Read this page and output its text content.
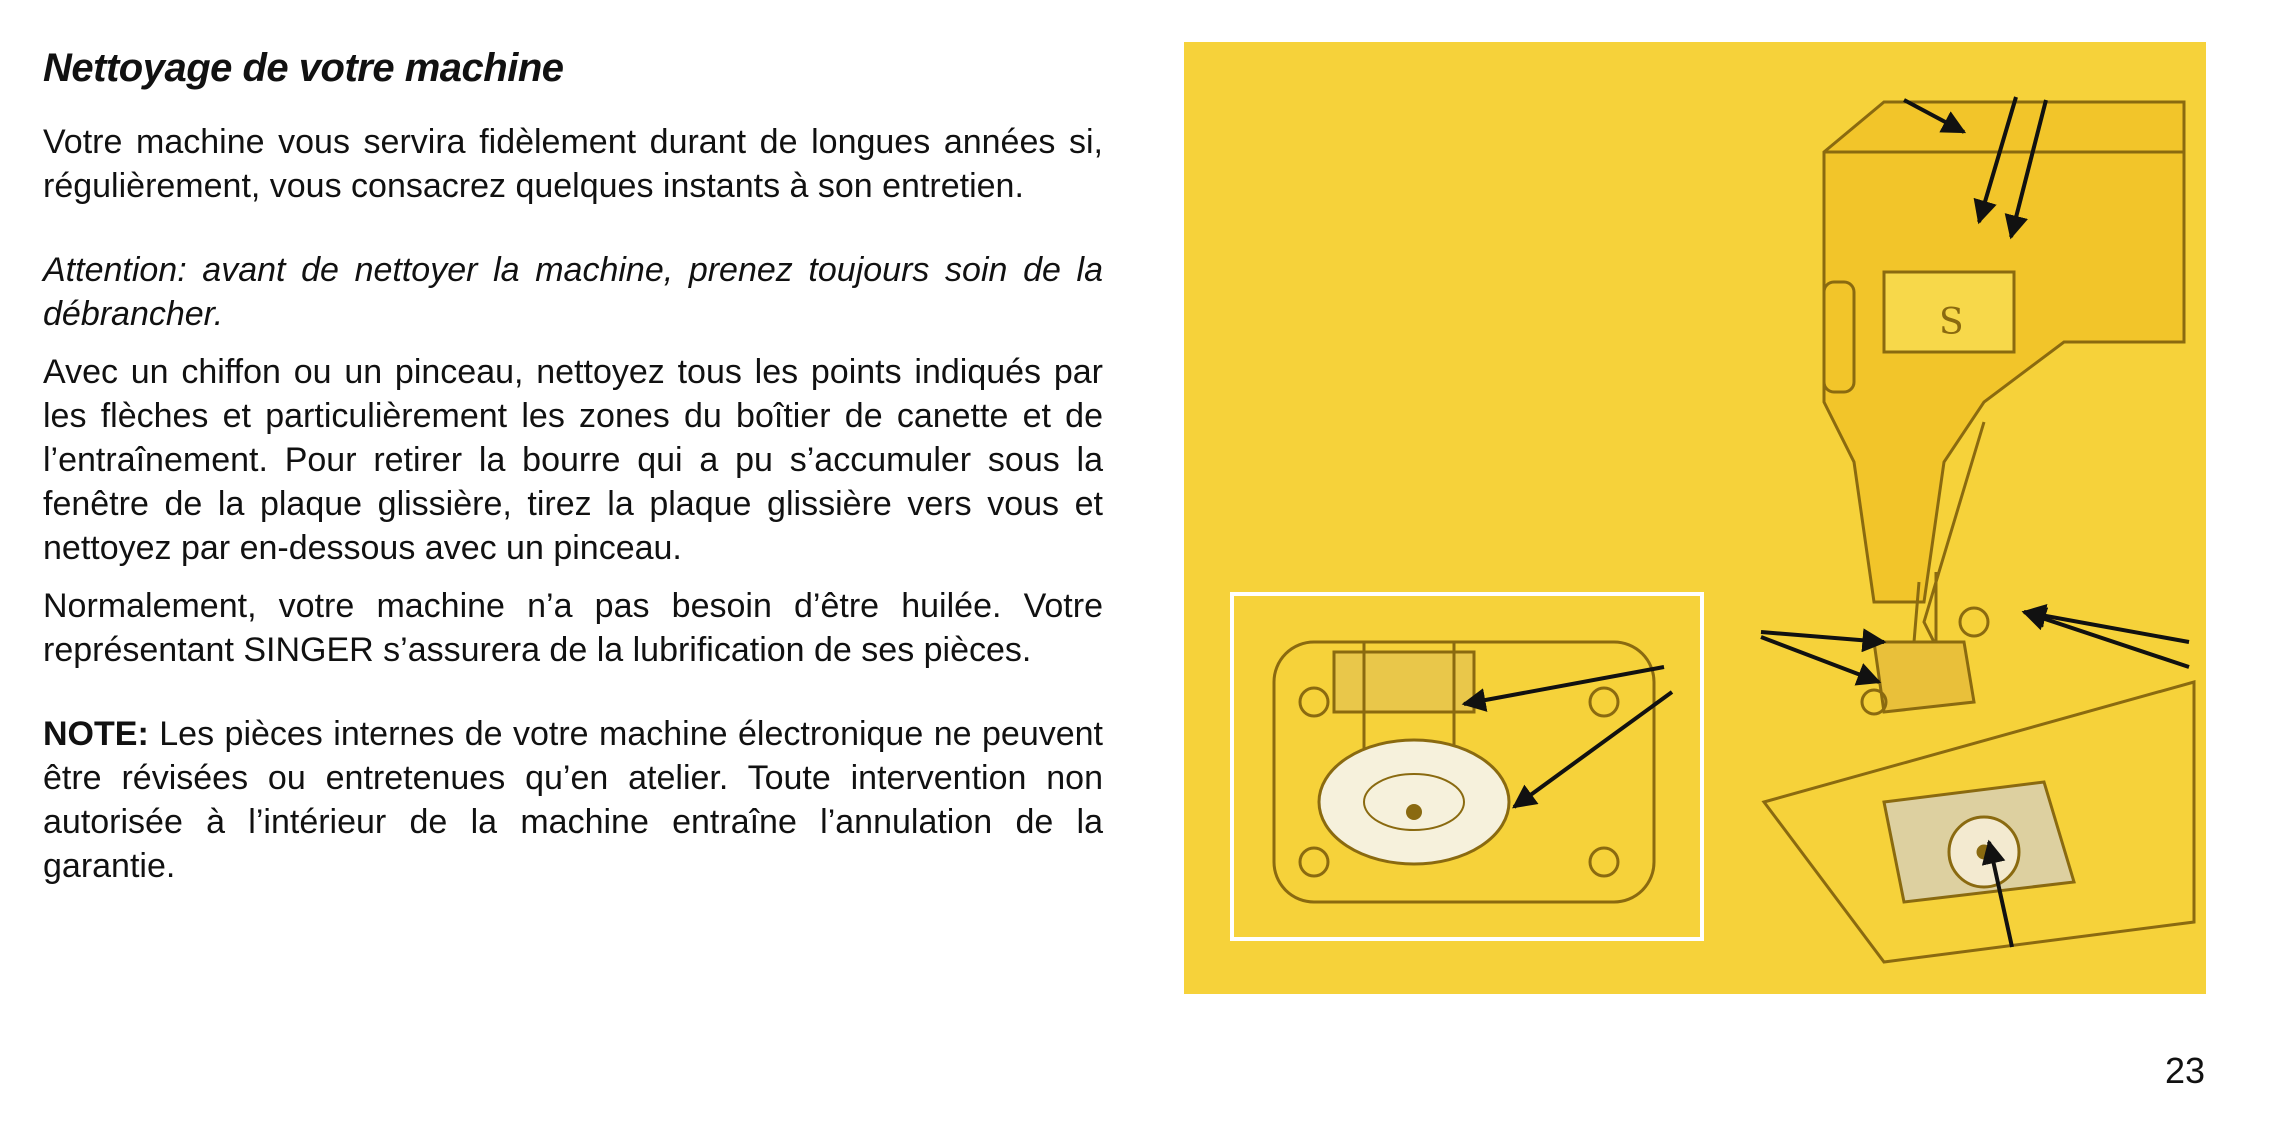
Nettoyage de votre machine

Votre machine vous servira fidèlement durant de longues années si, régulièrement, vous consacrez quelques instants à son entretien.

Attention: avant de nettoyer la machine, prenez toujours soin de la débrancher.

Avec un chiffon ou un pinceau, nettoyez tous les points indiqués par les flèches et particulièrement les zones du boîtier de canette et de l’entraînement. Pour retirer la bourre qui a pu s’accumuler sous la fenêtre de la plaque glissière, tirez la plaque glissière vers vous et nettoyez par en-dessous avec un pinceau.

Normalement, votre machine n’a pas besoin d’être huilée. Votre représentant SINGER s’assurera de la lubrification de ses pièces.

NOTE: Les pièces internes de votre machine électronique ne peuvent être révisées ou entretenues qu’en atelier. Toute intervention non autorisée à l’intérieur de la machine entraîne l’annulation de la garantie.

S
23
